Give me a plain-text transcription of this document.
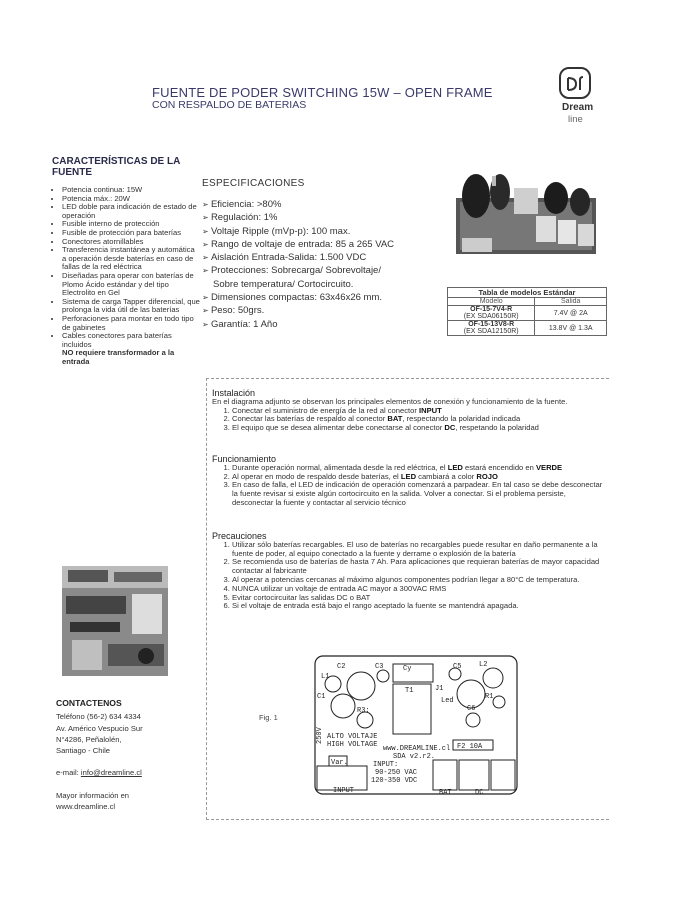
FUENTE DE PODER SWITCHING 15W – OPEN FRAME
CON RESPALDO DE BATERIAS	Dream
line
CARACTERÍSTICAS DE LA FUENTE
• Potencia continua: 15W
• Potencia máx.: 20W
• LED doble para indicación de estado de operación
• Fusible interno de protección
• Fusible de protección para baterías
• Conectores atornillables
• Transferencia instantánea y automática a operación desde baterías en caso de fallas de la red eléctrica
• Diseñadas para operar con baterías de Plomo Ácido estándar y del tipo Electrolito en Gel
• Sistema de carga Tapper diferencial, que prolonga la vida útil de las baterías
• Perforaciones para montar en todo tipo de gabinetes
• Cables conectores para baterías incluidos
NO requiere transformador a la entrada
ESPECIFICACIONES
➢ Eficiencia: >80%
➢ Regulación: 1%
➢ Voltaje Ripple (mVp-p): 100 max.
➢ Rango de voltaje de entrada: 85 a 265 VAC
➢ Aislación Entrada-Salida: 1.500 VDC
➢ Protecciones: Sobrecarga/ Sobrevoltaje/
Sobre temperatura/ Cortocircuito.
➢ Dimensiones compactas: 63x46x26 mm.
➢ Peso: 50grs.
➢ Garantía: 1 Año
Tabla de modelos Estándar	
Modelo	Salida

OF-15-7V4-R
(EX SDA06150R)	7.4V @ 2A

OF-15-13V8-R
(EX SDA12150R)	13.8V @ 1.3A

Instalación

En el diagrama adjunto se observan los principales elementos de conexión y funcionamiento de la fuente.

1. Conectar el suministro de energía de la red al conector INPUT
2. Conectar las baterías de respaldo al conector BAT, respectando la polaridad indicada
3. El equipo que se desea alimentar debe conectarse al conector DC, respetando la polaridad

Funcionamiento

1. Durante operación normal, alimentada desde la red eléctrica, el LED estará encendido en VERDE
2. Al operar en modo de respaldo desde baterías, el LED cambiará a color ROJO
3. En caso de falla, el LED de indicación de operación comenzará a parpadear. En tal caso se debe desconectar la fuente revisar si existe algún cortocircuito en la salida. Volver a conectar. Si el problema persiste, desconectar la fuente y contactar al servicio técnico

Precauciones

1. Utilizar sólo baterías recargables. El uso de baterías no recargables puede resultar en daño permanente a la fuente de poder, al equipo conectado a la fuente y derrame o explosión de la batería
2. Se recomienda uso de baterías de hasta 7 Ah. Para aplicaciones que requieran baterías de mayor capacidad contactar al fabricante
3. Al operar a potencias cercanas al máximo algunos componentes podrían llegar a 80°C de temperatura.
4. NUNCA utilizar un voltaje de entrada AC mayor a 300VAC RMS
5. Evitar cortocircuitar las salidas DC o BAT
6. Si el voltaje de entrada está bajo el rango aceptado la fuente se mantendrá apagada.
CONTACTENOS
Teléfono (56-2) 634 4334
Av. Américo Vespucio Sur
N°4286, Peñalolén,
Santiago - Chile
e-mail: info@dreamline.cl
Mayor información en
www.dreamline.cl
Fig. 1
C2	C3	Cy	C5	L2
L1
C1
T1	J1
R1
Led
C6
R3:
250V ALTO VOLTAJE
HIGH VOLTAGE www.DREAMLINE.cl
SDA v2.r2.
F2 10A
Var.	INPUT:
90-250 VAC
120-350 VDC
INPUT	BAT	DC
